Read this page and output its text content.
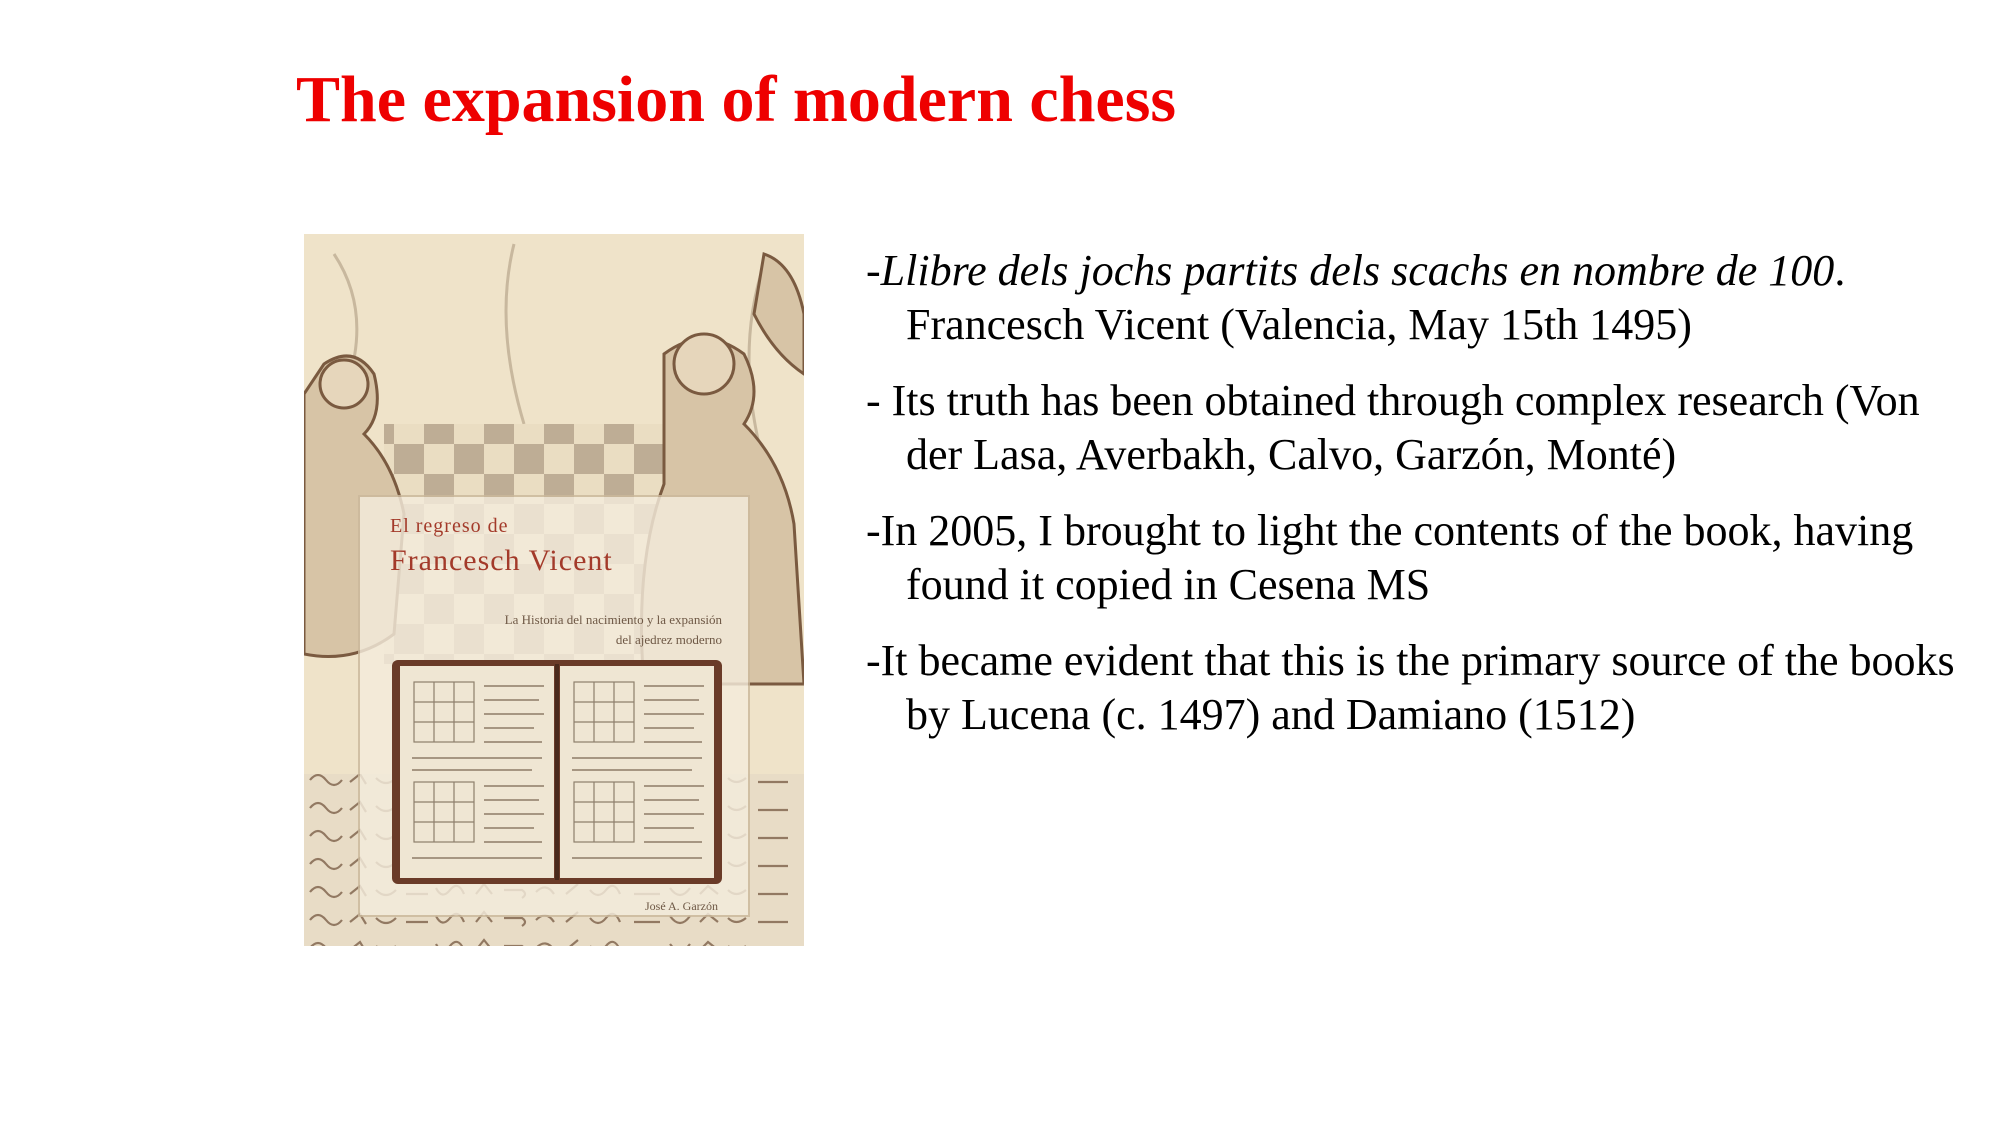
The expansion of modern chess
El regreso de
Francesch Vicent
La Historia del nacimiento y la expansión
del ajedrez moderno
José A. Garzón
-Llibre dels jochs partits dels scachs en nombre de 100. Francesch Vicent (Valencia, May 15th 1495)
- Its truth has been obtained through complex research (Von der Lasa, Averbakh, Calvo, Garzón, Monté)
-In 2005, I brought to light the contents of the book, having found it copied in Cesena MS
-It became evident that this is the primary source of the books by Lucena (c. 1497) and Damiano (1512)
